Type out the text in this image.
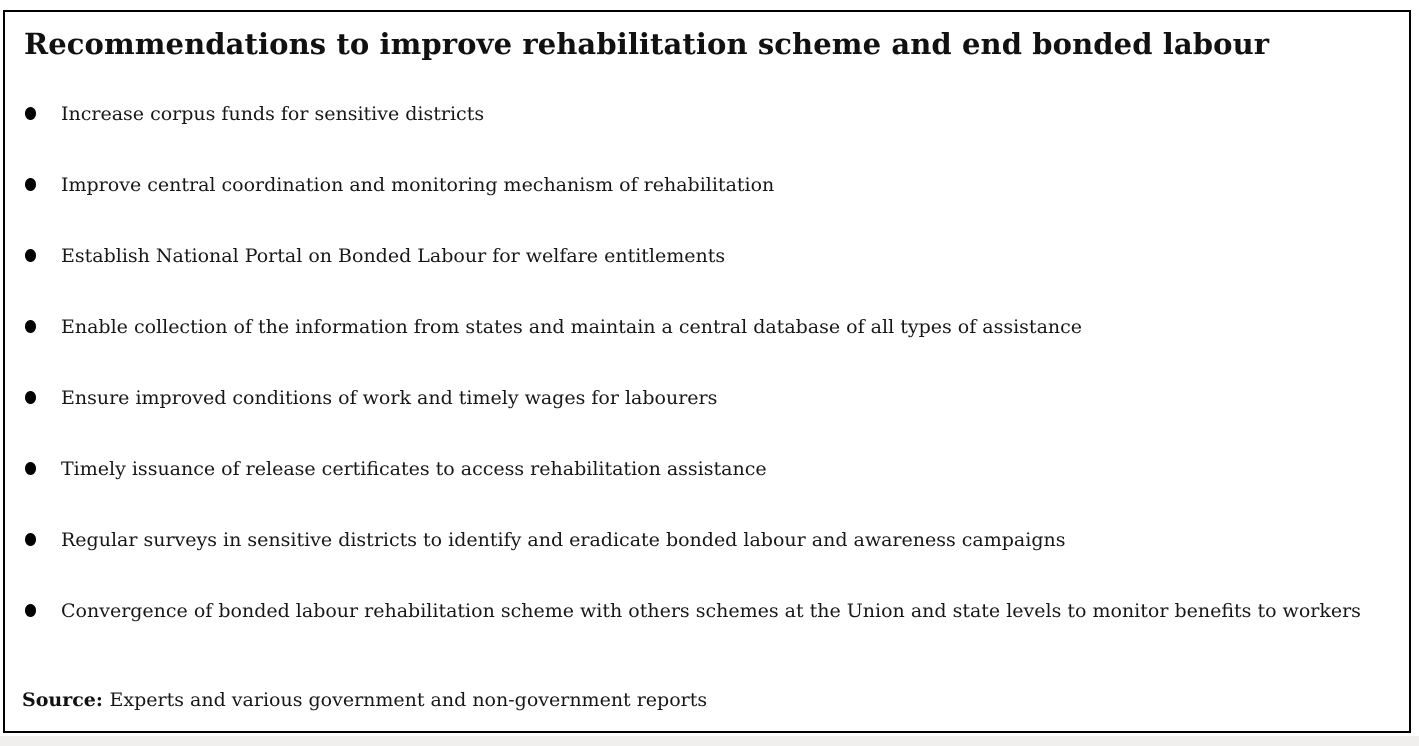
Recommendations to improve rehabilitation scheme and end bonded labour
Increase corpus funds for sensitive districts
Improve central coordination and monitoring mechanism of rehabilitation
Establish National Portal on Bonded Labour for welfare entitlements
Enable collection of the information from states and maintain a central database of all types of assistance
Ensure improved conditions of work and timely wages for labourers
Timely issuance of release certificates to access rehabilitation assistance
Regular surveys in sensitive districts to identify and eradicate bonded labour and awareness campaigns
Convergence of bonded labour rehabilitation scheme with others schemes at the Union and state levels to monitor benefits to workers

Source: Experts and various government and non-government reports
